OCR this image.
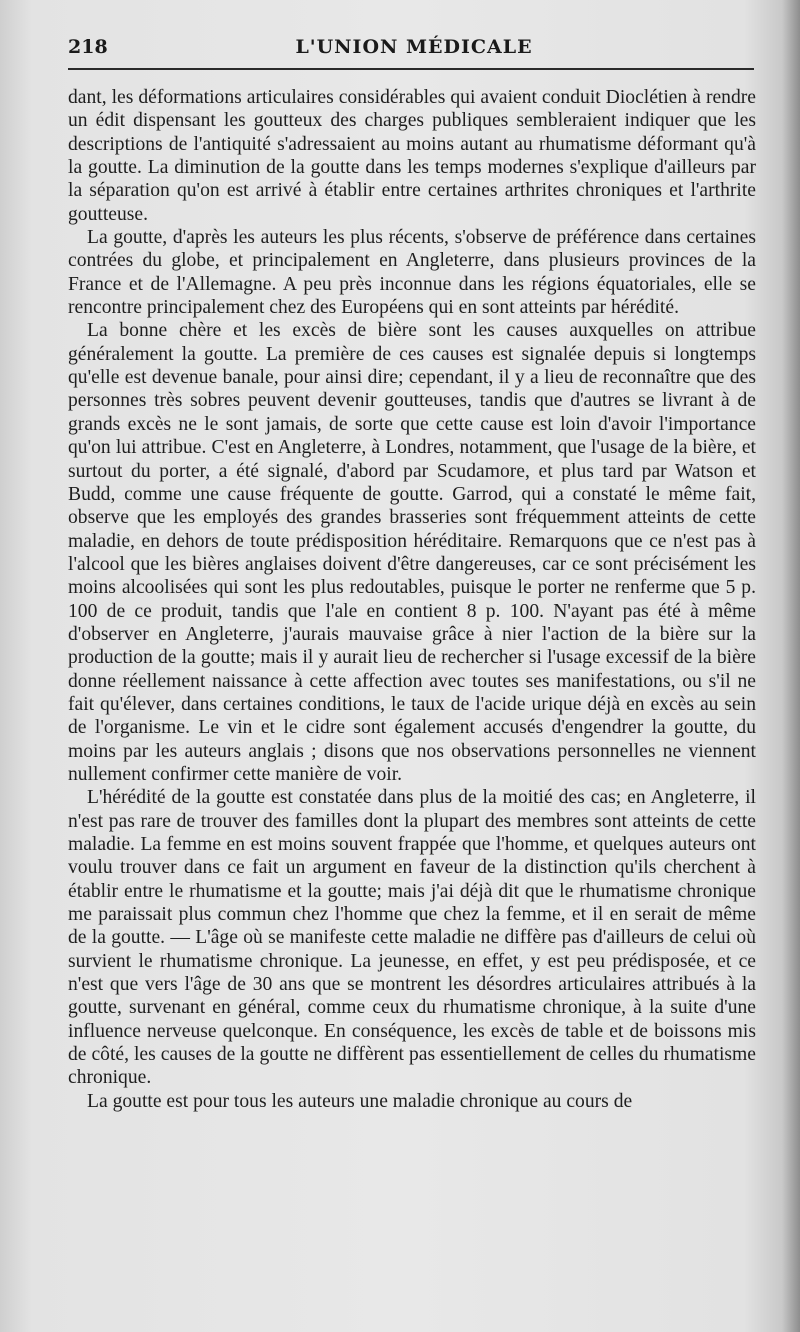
218	L'UNION MÉDICALE

dant, les déformations articulaires considérables qui avaient conduit Dioclétien à rendre un édit dispensant les goutteux des charges publiques sembleraient indiquer que les descriptions de l'antiquité s'adressaient au moins autant au rhumatisme déformant qu'à la goutte. La diminution de la goutte dans les temps modernes s'explique d'ailleurs par la séparation qu'on est arrivé à établir entre certaines arthrites chroniques et l'arthrite goutteuse.

La goutte, d'après les auteurs les plus récents, s'observe de préférence dans certaines contrées du globe, et principalement en Angleterre, dans plusieurs provinces de la France et de l'Allemagne. A peu près inconnue dans les régions équatoriales, elle se rencontre principalement chez des Européens qui en sont atteints par hérédité.

La bonne chère et les excès de bière sont les causes auxquelles on attribue généralement la goutte. La première de ces causes est signalée depuis si longtemps qu'elle est devenue banale, pour ainsi dire; cependant, il y a lieu de reconnaître que des personnes très sobres peuvent devenir goutteuses, tandis que d'autres se livrant à de grands excès ne le sont jamais, de sorte que cette cause est loin d'avoir l'importance qu'on lui attribue. C'est en Angleterre, à Londres, notamment, que l'usage de la bière, et surtout du porter, a été signalé, d'abord par Scudamore, et plus tard par Watson et Budd, comme une cause fréquente de goutte. Garrod, qui a constaté le même fait, observe que les employés des grandes brasseries sont fréquemment atteints de cette maladie, en dehors de toute prédisposition héréditaire. Remarquons que ce n'est pas à l'alcool que les bières anglaises doivent d'être dangereuses, car ce sont précisément les moins alcoolisées qui sont les plus redoutables, puisque le porter ne renferme que 5 p. 100 de ce produit, tandis que l'ale en contient 8 p. 100. N'ayant pas été à même d'observer en Angleterre, j'aurais mauvaise grâce à nier l'action de la bière sur la production de la goutte; mais il y aurait lieu de rechercher si l'usage excessif de la bière donne réellement naissance à cette affection avec toutes ses manifestations, ou s'il ne fait qu'élever, dans certaines conditions, le taux de l'acide urique déjà en excès au sein de l'organisme. Le vin et le cidre sont également accusés d'engendrer la goutte, du moins par les auteurs anglais ; disons que nos observations personnelles ne viennent nullement confirmer cette manière de voir.

L'hérédité de la goutte est constatée dans plus de la moitié des cas; en Angleterre, il n'est pas rare de trouver des familles dont la plupart des membres sont atteints de cette maladie. La femme en est moins souvent frappée que l'homme, et quelques auteurs ont voulu trouver dans ce fait un argument en faveur de la distinction qu'ils cherchent à établir entre le rhumatisme et la goutte; mais j'ai déjà dit que le rhumatisme chronique me paraissait plus commun chez l'homme que chez la femme, et il en serait de même de la goutte. — L'âge où se manifeste cette maladie ne diffère pas d'ailleurs de celui où survient le rhumatisme chronique. La jeunesse, en effet, y est peu prédisposée, et ce n'est que vers l'âge de 30 ans que se montrent les désordres articulaires attribués à la goutte, survenant en général, comme ceux du rhumatisme chronique, à la suite d'une influence nerveuse quelconque. En conséquence, les excès de table et de boissons mis de côté, les causes de la goutte ne diffèrent pas essentiellement de celles du rhumatisme chronique.

La goutte est pour tous les auteurs une maladie chronique au cours de
